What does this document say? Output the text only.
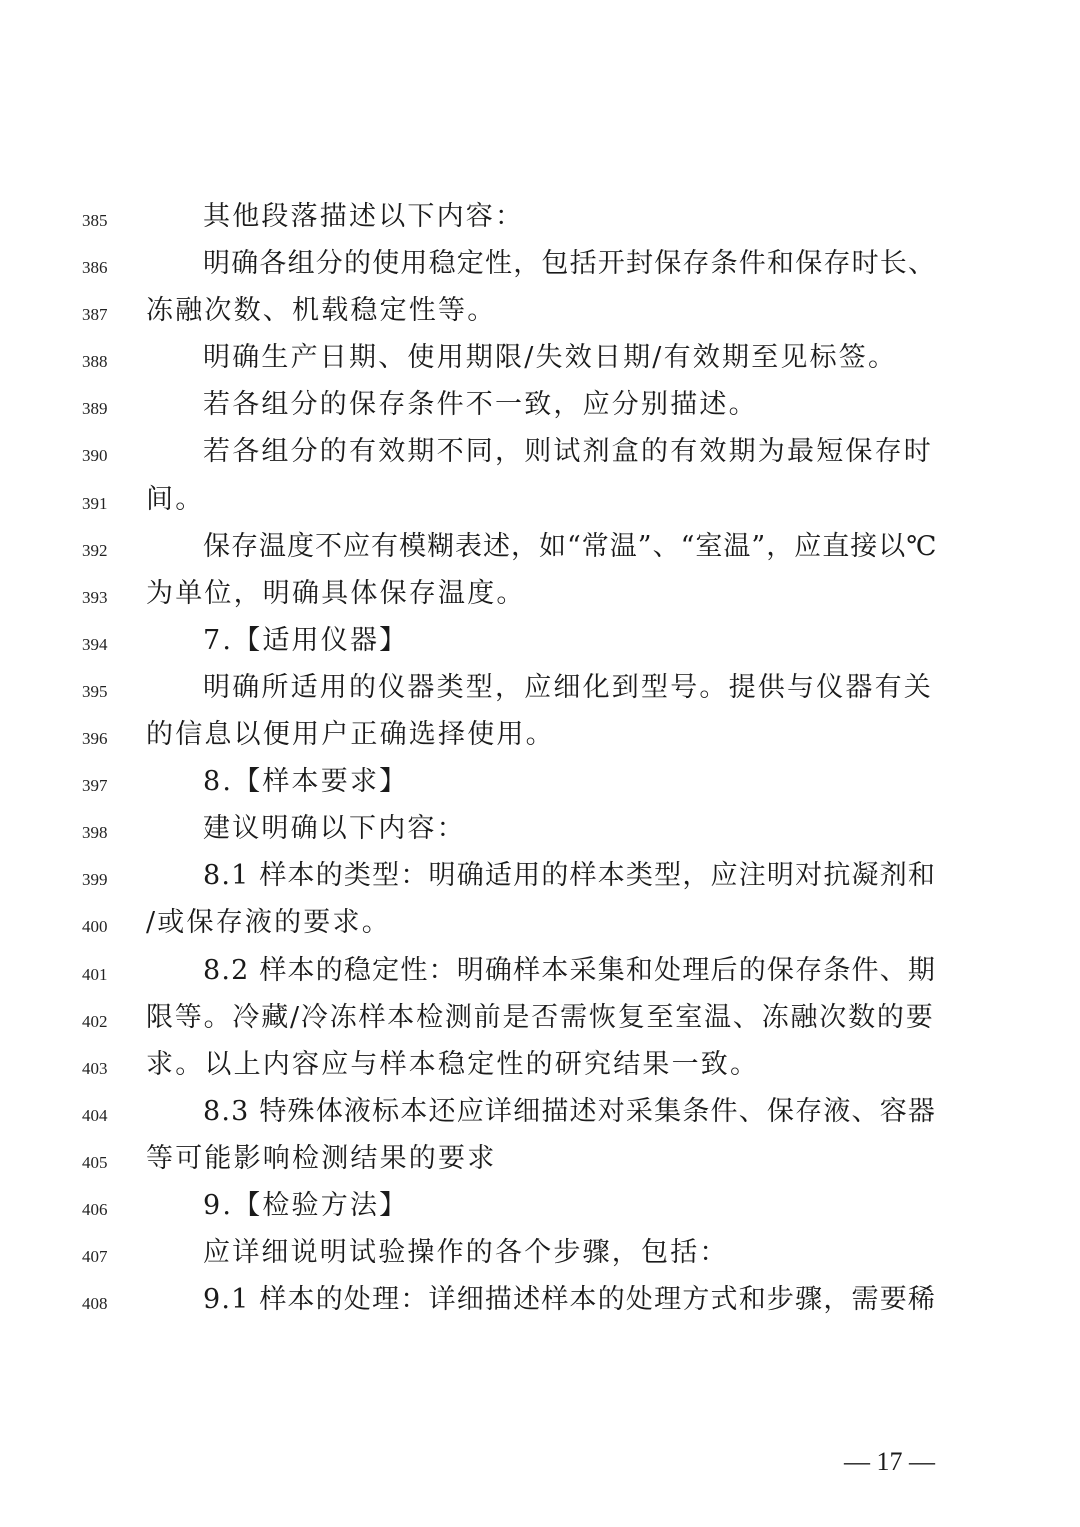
385	其他段落描述以下内容：
386	明确各组分的使用稳定性，包括开封保存条件和保存时长、
387 冻融次数、机载稳定性等。
388	明确生产日期、使用期限/失效日期/有效期至见标签。
389	若各组分的保存条件不一致，应分别描述。
390	若各组分的有效期不同，则试剂盒的有效期为最短保存时
391 间。
392	保存温度不应有模糊表述，如“常温”、“室温”，应直接以℃
393 为单位，明确具体保存温度。
394	7.【适用仪器】
395	明确所适用的仪器类型，应细化到型号。提供与仪器有关
396 的信息以便用户正确选择使用。
397	8.【样本要求】
398	建议明确以下内容：
399	8.1 样本的类型：明确适用的样本类型，应注明对抗凝剂和
400 /或保存液的要求。
401	8.2 样本的稳定性：明确样本采集和处理后的保存条件、期
402 限等。冷藏/冷冻样本检测前是否需恢复至室温、冻融次数的要
403 求。以上内容应与样本稳定性的研究结果一致。
404	8.3 特殊体液标本还应详细描述对采集条件、保存液、容器
405 等可能影响检测结果的要求
406	9.【检验方法】
407	应详细说明试验操作的各个步骤，包括：
408	9.1 样本的处理：详细描述样本的处理方式和步骤，需要稀
— 17 —
